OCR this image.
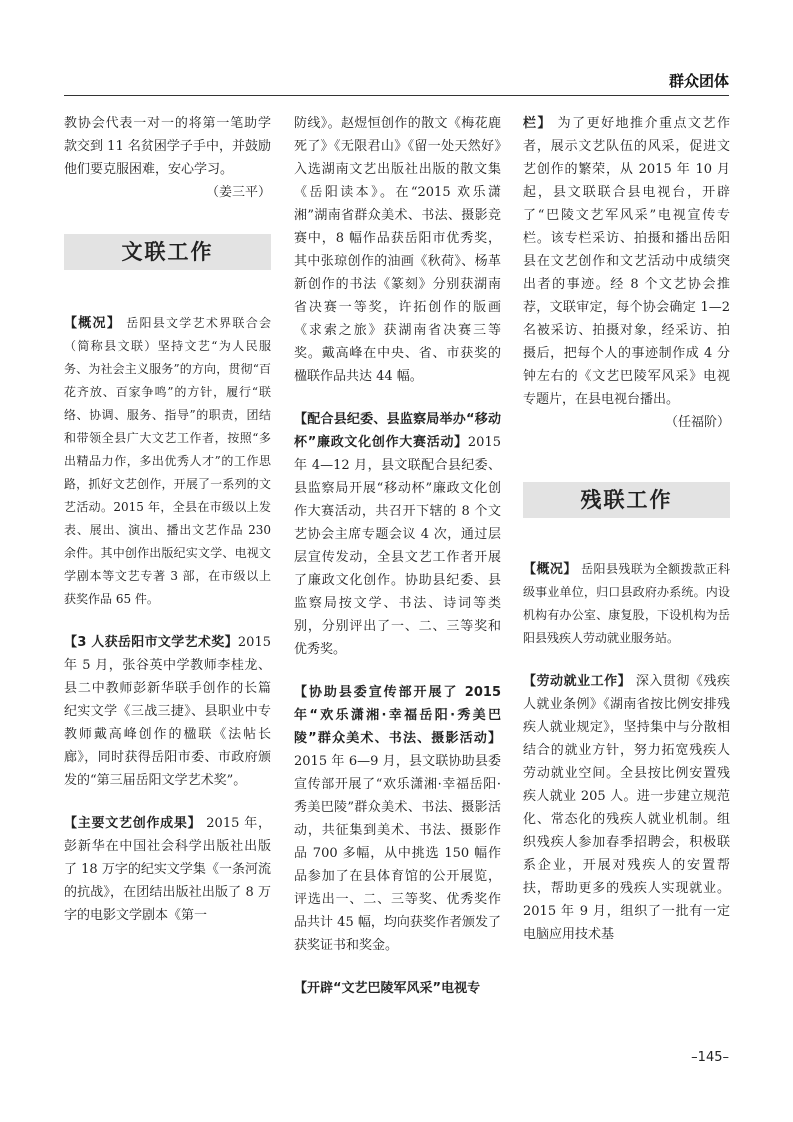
群众团体

教协会代表一对一的将第一笔助学款交到 11 名贫困学子手中，并鼓励他们要克服困难，安心学习。

（姜三平）

文联工作

【概况】 岳阳县文学艺术界联合会（简称县文联）坚持文艺“为人民服务、为社会主义服务”的方向，贯彻“百花齐放、百家争鸣”的方针，履行“联络、协调、服务、指导”的职责，团结和带领全县广大文艺工作者，按照“多出精品力作，多出优秀人才”的工作思路，抓好文艺创作，开展了一系列的文艺活动。2015 年，全县在市级以上发表、展出、演出、播出文艺作品 230 余件。其中创作出版纪实文学、电视文学剧本等文艺专著 3 部，在市级以上获奖作品 65 件。

【3 人获岳阳市文学艺术奖】2015 年 5 月，张谷英中学教师李桂龙、县二中教师彭新华联手创作的长篇纪实文学《三战三捷》、县职业中专教师戴高峰创作的楹联《法帖长廊》，同时获得岳阳市委、市政府颁发的“第三届岳阳文学艺术奖”。

【主要文艺创作成果】 2015 年，彭新华在中国社会科学出版社出版了 18 万字的纪实文学集《一条河流的抗战》，在团结出版社出版了 8 万字的电影文学剧本《第一

防线》。赵煜恒创作的散文《梅花鹿死了》《无限君山》《留一处天然好》入选湖南文艺出版社出版的散文集《岳阳读本》。在“2015 欢乐潇湘”湖南省群众美术、书法、摄影竞赛中，8 幅作品获岳阳市优秀奖，其中张琼创作的油画《秋荷》、杨革新创作的书法《篆刻》分别获湖南省决赛一等奖，许拓创作的版画《求索之旅》获湖南省决赛三等奖。戴高峰在中央、省、市获奖的楹联作品共达 44 幅。

【配合县纪委、县监察局举办“移动杯”廉政文化创作大赛活动】2015 年 4—12 月，县文联配合县纪委、县监察局开展“移动杯”廉政文化创作大赛活动，共召开下辖的 8 个文艺协会主席专题会议 4 次，通过层层宣传发动，全县文艺工作者开展了廉政文化创作。协助县纪委、县监察局按文学、书法、诗词等类别，分别评出了一、二、三等奖和优秀奖。

【协助县委宣传部开展了 2015 年“欢乐潇湘·幸福岳阳·秀美巴陵”群众美术、书法、摄影活动】2015 年 6—9 月，县文联协助县委宣传部开展了“欢乐潇湘·幸福岳阳·秀美巴陵”群众美术、书法、摄影活动，共征集到美术、书法、摄影作品 700 多幅，从中挑选 150 幅作品参加了在县体育馆的公开展览，评选出一、二、三等奖、优秀奖作品共计 45 幅，均向获奖作者颁发了获奖证书和奖金。

【开辟“文艺巴陵军风采”电视专

栏】 为了更好地推介重点文艺作者，展示文艺队伍的风采，促进文艺创作的繁荣，从 2015 年 10 月起，县文联联合县电视台，开辟了“巴陵文艺军风采”电视宣传专栏。该专栏采访、拍摄和播出岳阳县在文艺创作和文艺活动中成绩突出者的事迹。经 8 个文艺协会推荐，文联审定，每个协会确定 1—2 名被采访、拍摄对象，经采访、拍摄后，把每个人的事迹制作成 4 分钟左右的《文艺巴陵军风采》电视专题片，在县电视台播出。

（任福阶）

残联工作

【概况】 岳阳县残联为全额拨款正科级事业单位，归口县政府办系统。内设机构有办公室、康复股，下设机构为岳阳县残疾人劳动就业服务站。

【劳动就业工作】 深入贯彻《残疾人就业条例》《湖南省按比例安排残疾人就业规定》，坚持集中与分散相结合的就业方针，努力拓宽残疾人劳动就业空间。全县按比例安置残疾人就业 205 人。进一步建立规范化、常态化的残疾人就业机制。组织残疾人参加春季招聘会，积极联系企业，开展对残疾人的安置帮扶，帮助更多的残疾人实现就业。2015 年 9 月，组织了一批有一定电脑应用技术基

–145–
